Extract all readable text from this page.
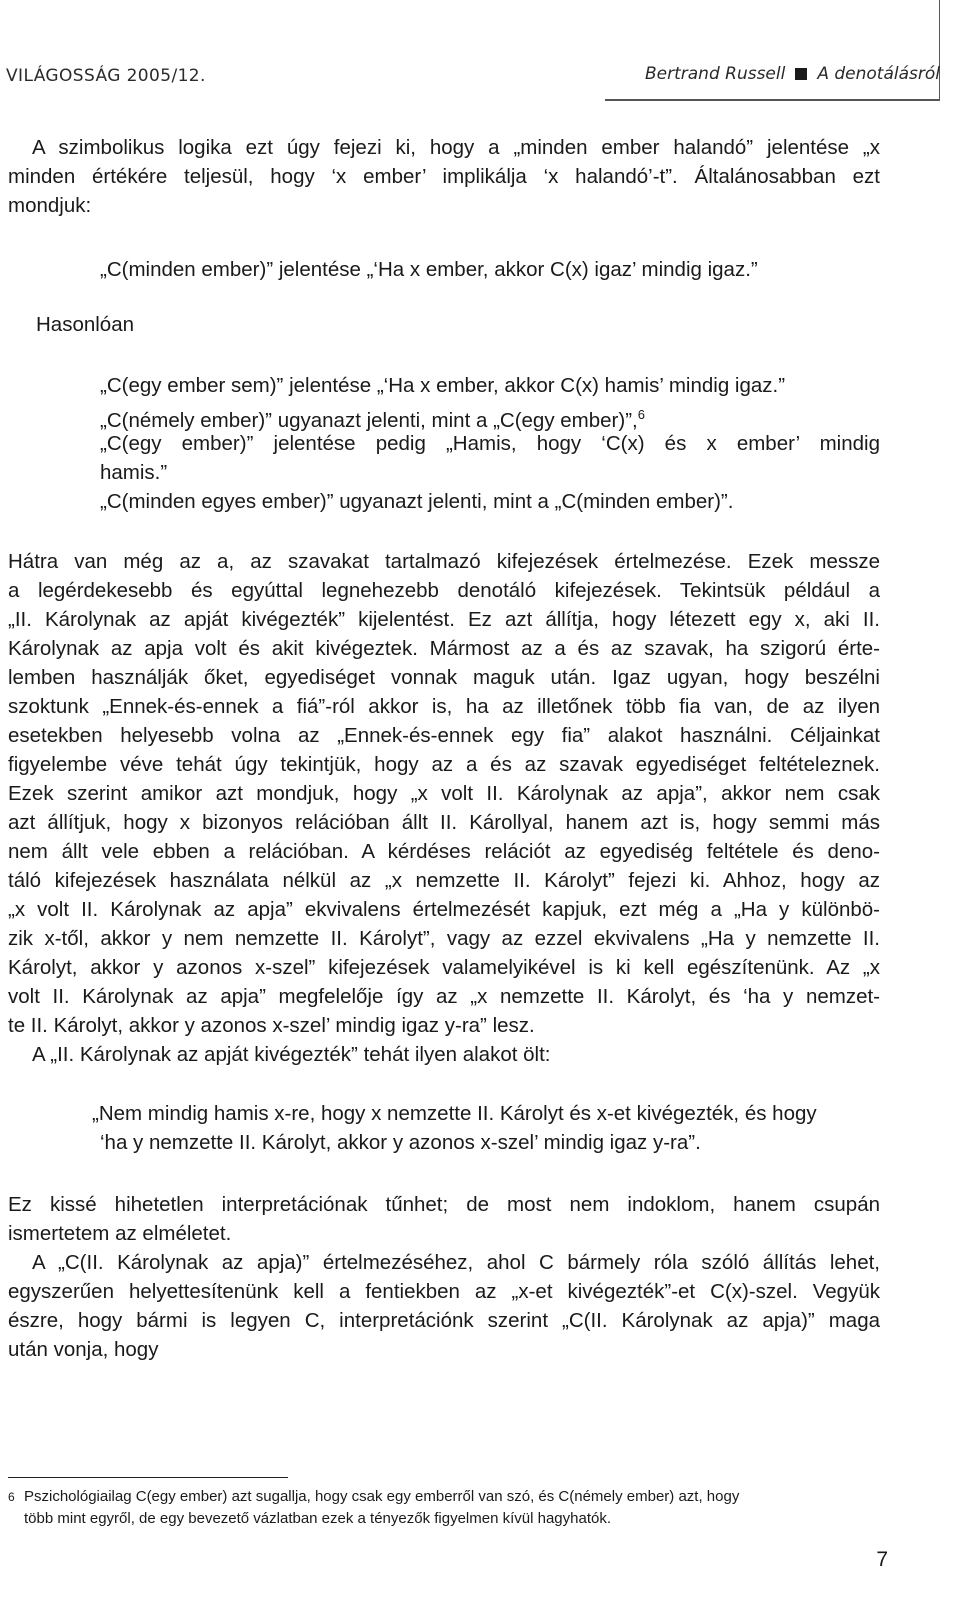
VILÁGOSSÁG 2005/12.	Bertrand Russell A denotálásról
A szimbolikus logika ezt úgy fejezi ki, hogy a „minden ember halandó” jelentése „x
minden értékére teljesül, hogy ‘x ember’ implikálja ‘x halandó’-t”. Általánosabban ezt
mondjuk:
„C(minden ember)” jelentése „‘Ha x ember, akkor C(x) igaz’ mindig igaz.”
Hasonlóan
„C(egy ember sem)” jelentése „‘Ha x ember, akkor C(x) hamis’ mindig igaz.”
„C(némely ember)” ugyanazt jelenti, mint a „C(egy ember)”,$^6$
„C(egy ember)” jelentése pedig „Hamis, hogy ‘C(x) és x ember’ mindig
hamis.”
„C(minden egyes ember)” ugyanazt jelenti, mint a „C(minden ember)”.
Hátra van még az a, az szavakat tartalmazó kifejezések értelmezése. Ezek messze
a legérdekesebb és egyúttal legnehezebb denotáló kifejezések. Tekintsük például a
„II. Károlynak az apját kivégezték” kijelentést. Ez azt állítja, hogy létezett egy x, aki II.
Károlynak az apja volt és akit kivégeztek. Mármost az a és az szavak, ha szigorú érte-
lemben használják őket, egyediséget vonnak maguk után. Igaz ugyan, hogy beszélni
szoktunk „Ennek-és-ennek a fiá”-ról akkor is, ha az illetőnek több fia van, de az ilyen
esetekben helyesebb volna az „Ennek-és-ennek egy fia” alakot használni. Céljainkat
figyelembe véve tehát úgy tekintjük, hogy az a és az szavak egyediséget feltételeznek.
Ezek szerint amikor azt mondjuk, hogy „x volt II. Károlynak az apja”, akkor nem csak
azt állítjuk, hogy x bizonyos relációban állt II. Károllyal, hanem azt is, hogy semmi más
nem állt vele ebben a relációban. A kérdéses relációt az egyediség feltétele és deno-
táló kifejezések használata nélkül az „x nemzette II. Károlyt” fejezi ki. Ahhoz, hogy az
„x volt II. Károlynak az apja” ekvivalens értelmezését kapjuk, ezt még a „Ha y különbö-
zik x-től, akkor y nem nemzette II. Károlyt”, vagy az ezzel ekvivalens „Ha y nemzette II.
Károlyt, akkor y azonos x-szel” kifejezések valamelyikével is ki kell egészítenünk. Az „x
volt II. Károlynak az apja” megfelelője így az „x nemzette II. Károlyt, és ‘ha y nemzet-
te II. Károlyt, akkor y azonos x-szel’ mindig igaz y-ra” lesz.
A „II. Károlynak az apját kivégezték” tehát ilyen alakot ölt:
„Nem mindig hamis x-re, hogy x nemzette II. Károlyt és x-et kivégezték, és hogy
‘ha y nemzette II. Károlyt, akkor y azonos x-szel’ mindig igaz y-ra”.
Ez kissé hihetetlen interpretációnak tűnhet; de most nem indoklom, hanem csupán
ismertetem az elméletet.
A „C(II. Károlynak az apja)” értelmezéséhez, ahol C bármely róla szóló állítás lehet,
egyszerűen helyettesítenünk kell a fentiekben az „x-et kivégezték”-et C(x)-szel. Vegyük
észre, hogy bármi is legyen C, interpretációnk szerint „C(II. Károlynak az apja)” maga
után vonja, hogy
6 Pszichológiailag C(egy ember) azt sugallja, hogy csak egy emberről van szó, és C(némely ember) azt, hogy
több mint egyről, de egy bevezető vázlatban ezek a tényezők figyelmen kívül hagyhatók.
7
